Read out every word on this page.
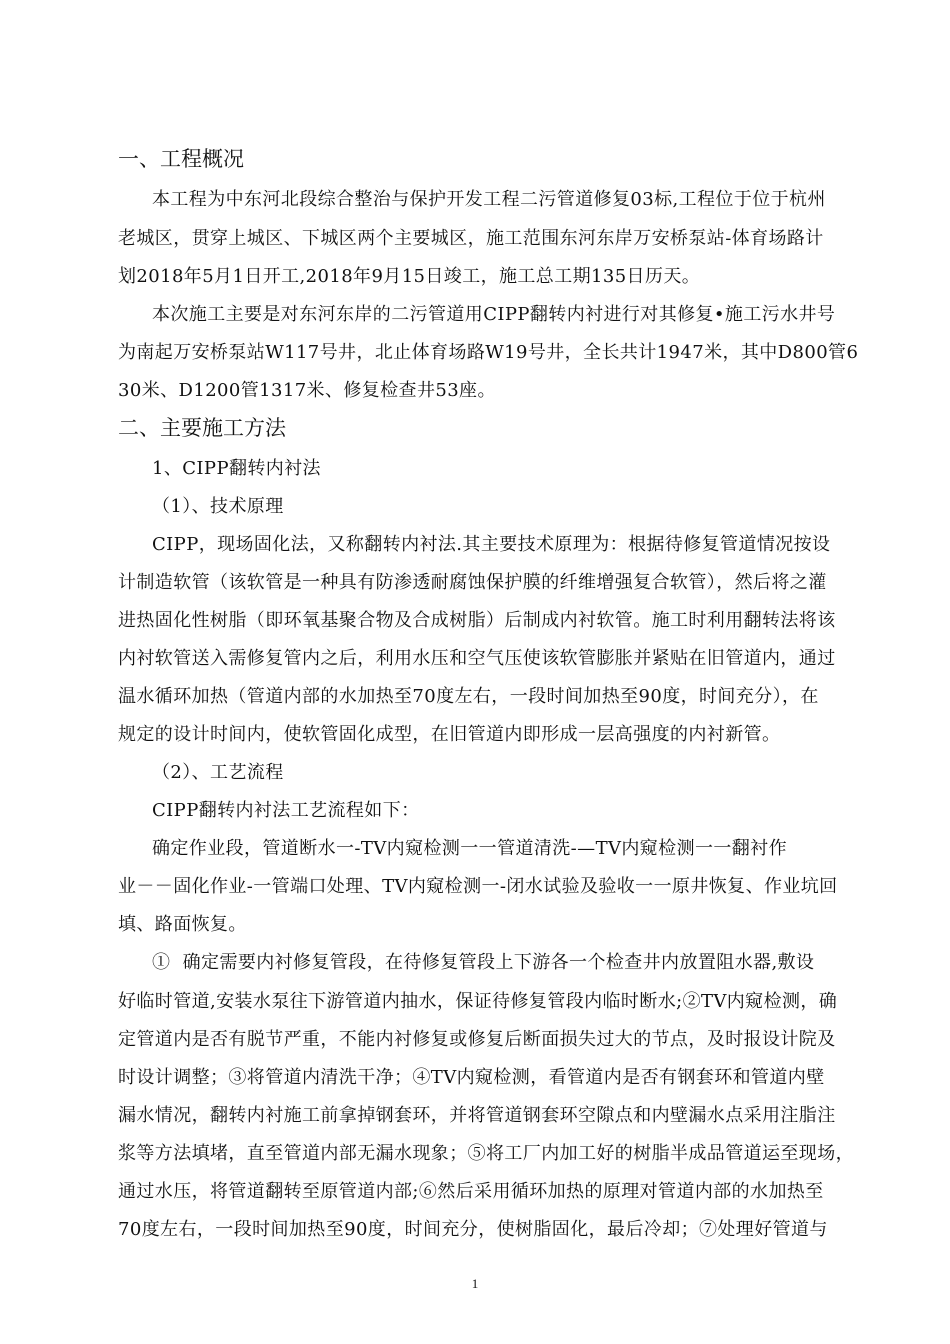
一、工程概况
本工程为中东河北段综合整治与保护开发工程二污管道修复03标,工程位于位于杭州
老城区，贯穿上城区、下城区两个主要城区，施工范围东河东岸万安桥泵站-体育场路计
划2018年5月1日开工,2018年9月15日竣工，施工总工期135日历天。
本次施工主要是对东河东岸的二污管道用CIPP翻转内衬进行对其修复•施工污水井号
为南起万安桥泵站W117号井，北止体育场路W19号井，全长共计1947米，其中D800管6
30米、D1200管1317米、修复检查井53座。
二、主要施工方法
1、CIPP翻转内衬法
（1）、技术原理
CIPP，现场固化法，又称翻转内衬法.其主要技术原理为：根据待修复管道情况按设
计制造软管（该软管是一种具有防渗透耐腐蚀保护膜的纤维增强复合软管），然后将之灌
进热固化性树脂（即环氧基聚合物及合成树脂）后制成内衬软管。施工时利用翻转法将该
内衬软管送入需修复管内之后，利用水压和空气压使该软管膨胀并紧贴在旧管道内，通过
温水循环加热（管道内部的水加热至70度左右，一段时间加热至90度，时间充分），在
规定的设计时间内，使软管固化成型，在旧管道内即形成一层高强度的内衬新管。
（2）、工艺流程
CIPP翻转内衬法工艺流程如下：
确定作业段，管道断水一-TV内窥检测一一管道清洗-—TV内窥检测一一翻衬作
业－－固化作业-一管端口处理、TV内窥检测一-闭水试验及验收一一原井恢复、作业坑回
填、路面恢复。
①  确定需要内衬修复管段，在待修复管段上下游各一个检查井内放置阻水器,敷设
好临时管道,安装水泵往下游管道内抽水，保证待修复管段内临时断水;②TV内窥检测，确
定管道内是否有脱节严重，不能内衬修复或修复后断面损失过大的节点，及时报设计院及
时设计调整；③将管道内清洗干净；④TV内窥检测，看管道内是否有钢套环和管道内壁
漏水情况，翻转内衬施工前拿掉钢套环，并将管道钢套环空隙点和内壁漏水点采用注脂注
浆等方法填堵，直至管道内部无漏水现象；⑤将工厂内加工好的树脂半成品管道运至现场，
通过水压，将管道翻转至原管道内部;⑥然后采用循环加热的原理对管道内部的水加热至
70度左右，一段时间加热至90度，时间充分，使树脂固化，最后冷却；⑦处理好管道与
1
